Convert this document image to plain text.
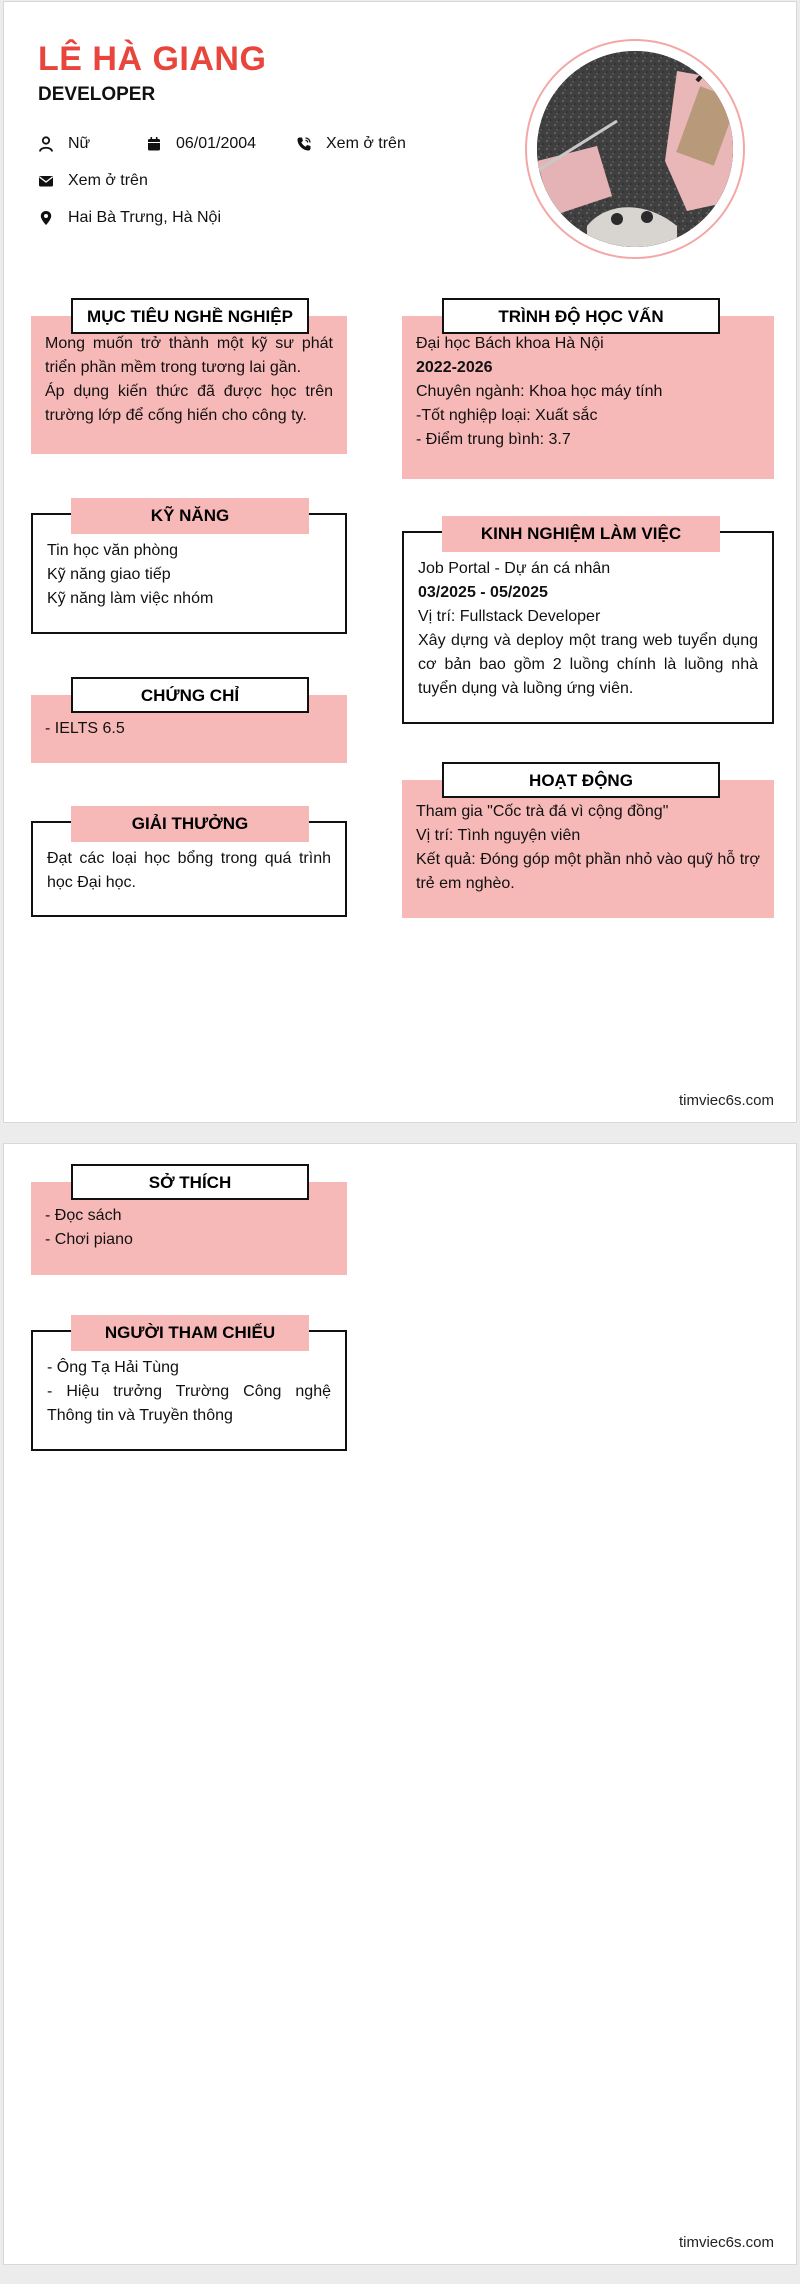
LÊ HÀ GIANG
DEVELOPER
Nữ	06/01/2004	Xem ở trên
Xem ở trên
Hai Bà Trưng, Hà Nội
Mong muốn trở thành một kỹ sư phát triển phần mềm trong tương lai gần.
Áp dụng kiến thức đã được học trên trường lớp để cống hiến cho công ty.
MỤC TIÊU NGHỀ NGHIỆP
Đại học Bách khoa Hà Nội
2022-2026
Chuyên ngành: Khoa học máy tính
-Tốt nghiệp loại: Xuất sắc
- Điểm trung bình: 3.7
TRÌNH ĐỘ HỌC VẤN
Tin học văn phòng
Kỹ năng giao tiếp
Kỹ năng làm việc nhóm
KỸ NĂNG
Job Portal - Dự án cá nhân
03/2025 - 05/2025
Vị trí: Fullstack Developer
Xây dựng và deploy một trang web tuyển dụng cơ bản bao gồm 2 luồng chính là luồng nhà tuyển dụng và luồng ứng viên.
KINH NGHIỆM LÀM VIỆC
- IELTS 6.5
CHỨNG CHỈ
Tham gia "Cốc trà đá vì cộng đồng"
Vị trí: Tình nguyện viên
Kết quả: Đóng góp một phần nhỏ vào quỹ hỗ trợ trẻ em nghèo.
HOẠT ĐỘNG
Đạt các loại học bổng trong quá trình học Đại học.
GIẢI THƯỞNG
timviec6s.com
- Đọc sách
- Chơi piano
SỞ THÍCH
- Ông Tạ Hải Tùng
- Hiệu trưởng Trường Công nghệ Thông tin và Truyền thông
NGƯỜI THAM CHIẾU
timviec6s.com
